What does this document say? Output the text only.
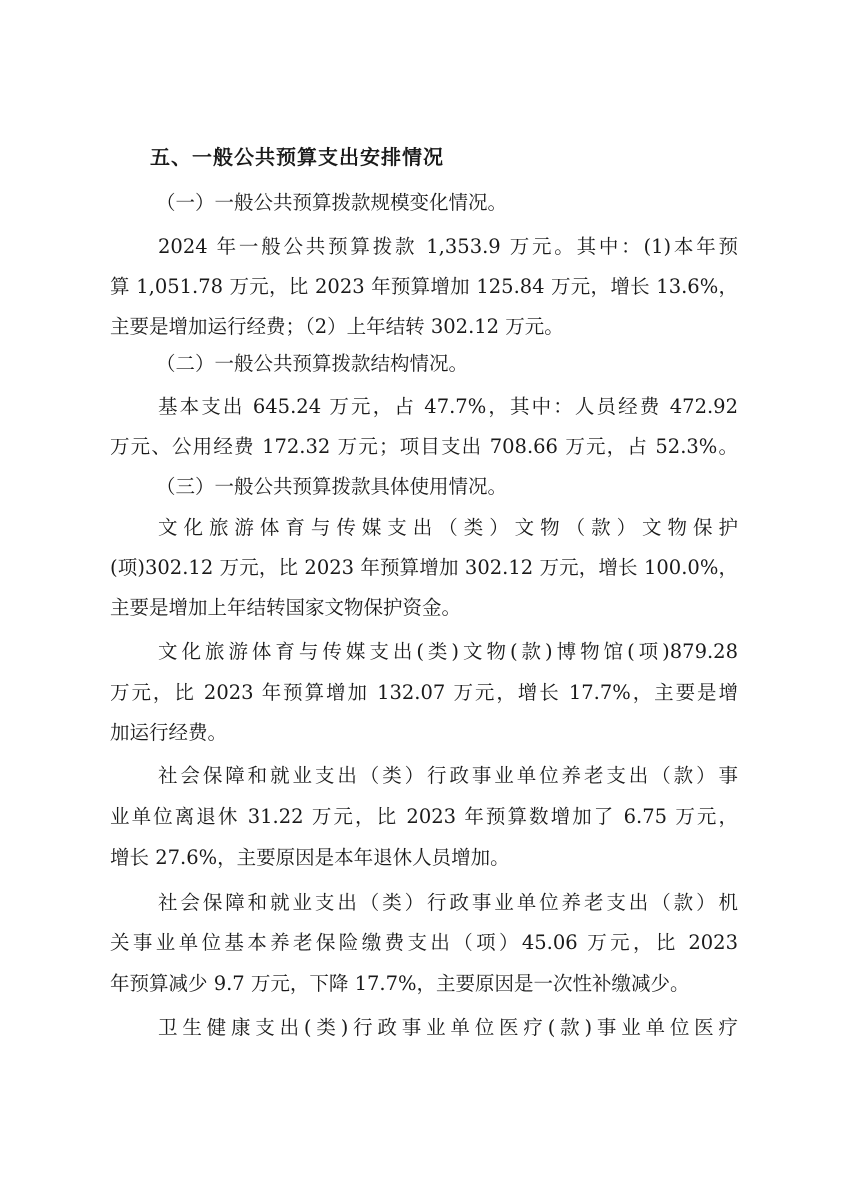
五、一般公共预算支出安排情况
（一）一般公共预算拨款规模变化情况。
2024 年一般公共预算拨款 1,353.9 万元。其中：(1)本年预
算 1,051.78 万元，比 2023 年预算增加 125.84 万元，增长 13.6%，
主要是增加运行经费；（2）上年结转 302.12 万元。
（二）一般公共预算拨款结构情况。
基本支出 645.24 万元，占 47.7%，其中：人员经费 472.92
万元、公用经费 172.32 万元；项目支出 708.66 万元，占 52.3%。
（三）一般公共预算拨款具体使用情况。
文化旅游体育与传媒支出（类）文物（款）文物保护
(项)302.12 万元，比 2023 年预算增加 302.12 万元，增长 100.0%，
主要是增加上年结转国家文物保护资金。
文化旅游体育与传媒支出(类)文物(款)博物馆(项)879.28
万元，比 2023 年预算增加 132.07 万元，增长 17.7%，主要是增
加运行经费。
社会保障和就业支出（类）行政事业单位养老支出（款）事
业单位离退休 31.22 万元，比 2023 年预算数增加了 6.75 万元，
增长 27.6%，主要原因是本年退休人员增加。
社会保障和就业支出（类）行政事业单位养老支出（款）机
关事业单位基本养老保险缴费支出（项）45.06 万元，比 2023
年预算减少 9.7 万元，下降 17.7%，主要原因是一次性补缴减少。
卫生健康支出(类)行政事业单位医疗(款)事业单位医疗
